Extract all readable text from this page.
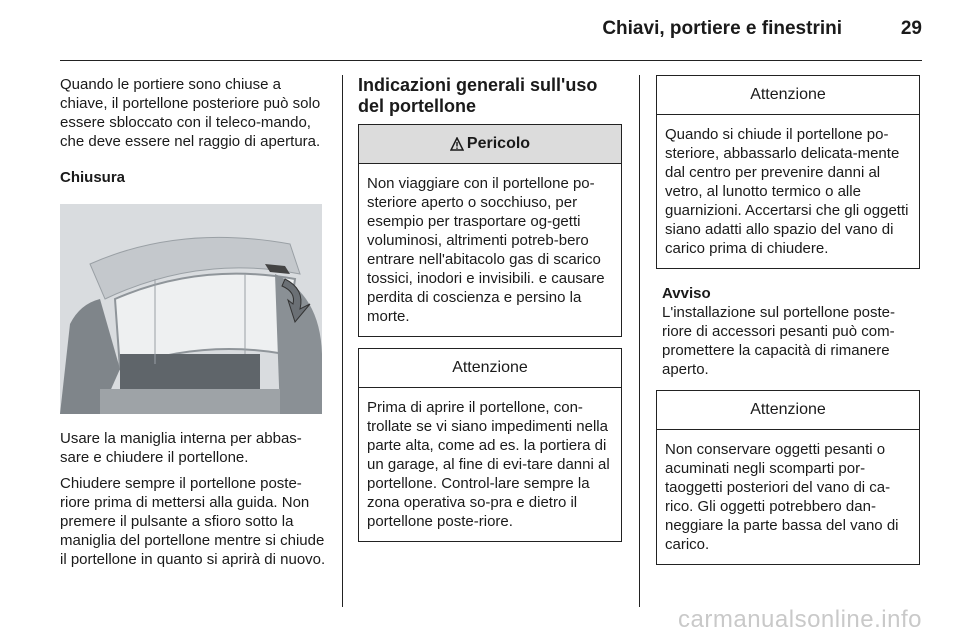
Chiavi, portiere e finestrini	29

Quando le portiere sono chiuse a chiave, il portellone posteriore può solo essere sbloccato con il teleco-mando, che deve essere nel raggio di apertura.

Chiusura

Usare la maniglia interna per abbas-sare e chiudere il portellone.

Chiudere sempre il portellone poste-riore prima di mettersi alla guida. Non premere il pulsante a sfioro sotto la maniglia del portellone mentre si chiude il portellone in quanto si aprirà di nuovo.

Indicazioni generali sull'uso del portellone
Pericolo
Non viaggiare con il portellone po-steriore aperto o socchiuso, per esempio per trasportare og-getti voluminosi, altrimenti potreb-bero entrare nell'abitacolo gas di scarico tossici, inodori e invisibili. e causare perdita di coscienza e persino la morte.
Attenzione
Prima di aprire il portellone, con-trollate se vi siano impedimenti nella parte alta, come ad es. la portiera di un garage, al fine di evi-tare danni al portellone. Control-lare sempre la zona operativa so-pra e dietro il portellone poste-riore.
Attenzione
Quando si chiude il portellone po-steriore, abbassarlo delicata-mente dal centro per prevenire danni al vetro, al lunotto termico o alle guarnizioni. Accertarsi che gli oggetti siano adatti allo spazio del vano di carico prima di chiudere.

Avviso

L'installazione sul portellone poste-riore di accessori pesanti può com-promettere la capacità di rimanere aperto.

Attenzione
Non conservare oggetti pesanti o acuminati negli scomparti por-taoggetti posteriori del vano di ca-rico. Gli oggetti potrebbero dan-neggiare la parte bassa del vano di carico.
carmanualsonline.info
